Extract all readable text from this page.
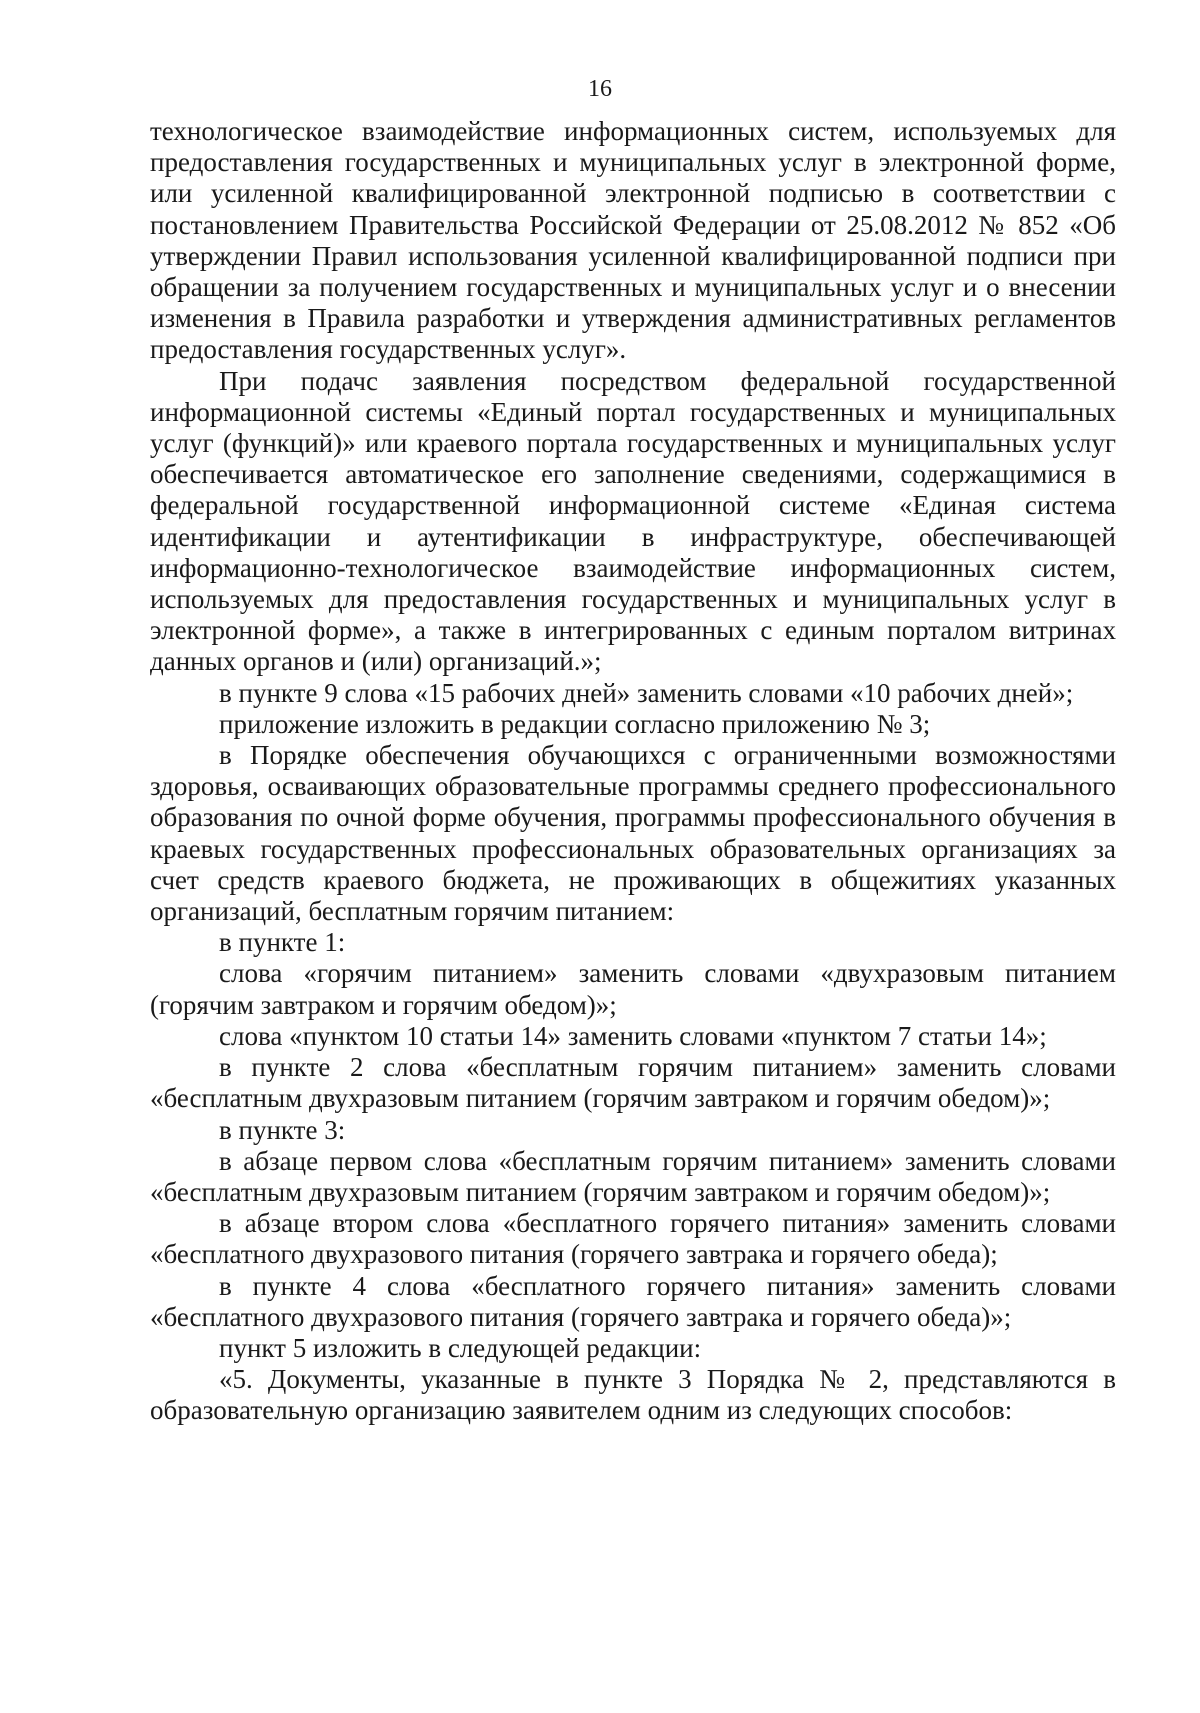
16

технологическое взаимодействие информационных систем, используемых для предоставления государственных и муниципальных услуг в электронной форме, или усиленной квалифицированной электронной подписью в соответствии с постановлением Правительства Российской Федерации от 25.08.2012 № 852 «Об утверждении Правил использования усиленной квалифицированной подписи при обращении за получением государственных и муниципальных услуг и о внесении изменения в Правила разработки и утверждения административных регламентов предоставления государственных услуг».

При подачс заявления посредством федеральной государственной информационной системы «Единый портал государственных и муниципальных услуг (функций)» или краевого портала государственных и муниципальных услуг обеспечивается автоматическое его заполнение сведениями, содержащимися в федеральной государственной информационной системе «Единая система идентификации и аутентификации в инфраструктуре, обеспечивающей информационно-технологическое взаимодействие информационных систем, используемых для предоставления государственных и муниципальных услуг в электронной форме», а также в интегрированных с единым порталом витринах данных органов и (или) организаций.»;

в пункте 9 слова «15 рабочих дней» заменить словами «10 рабочих дней»;

приложение изложить в редакции согласно приложению № 3;

в Порядке обеспечения обучающихся с ограниченными возможностями здоровья, осваивающих образовательные программы среднего профессионального образования по очной форме обучения, программы профессионального обучения в краевых государственных профессиональных образовательных организациях за счет средств краевого бюджета, не проживающих в общежитиях указанных организаций, бесплатным горячим питанием:

в пункте 1:

слова «горячим питанием» заменить словами «двухразовым питанием (горячим завтраком и горячим обедом)»;

слова «пунктом 10 статьи 14» заменить словами «пунктом 7 статьи 14»;

в пункте 2 слова «бесплатным горячим питанием» заменить словами «бесплатным двухразовым питанием (горячим завтраком и горячим обедом)»;

в пункте 3:

в абзаце первом слова «бесплатным горячим питанием» заменить словами «бесплатным двухразовым питанием (горячим завтраком и горячим обедом)»;

в абзаце втором слова «бесплатного горячего питания» заменить словами «бесплатного двухразового питания (горячего завтрака и горячего обеда);

в пункте 4 слова «бесплатного горячего питания» заменить словами «бесплатного двухразового питания (горячего завтрака и горячего обеда)»;

пункт 5 изложить в следующей редакции:

«5. Документы, указанные в пункте 3 Порядка № 2, представляются в образовательную организацию заявителем одним из следующих способов:
